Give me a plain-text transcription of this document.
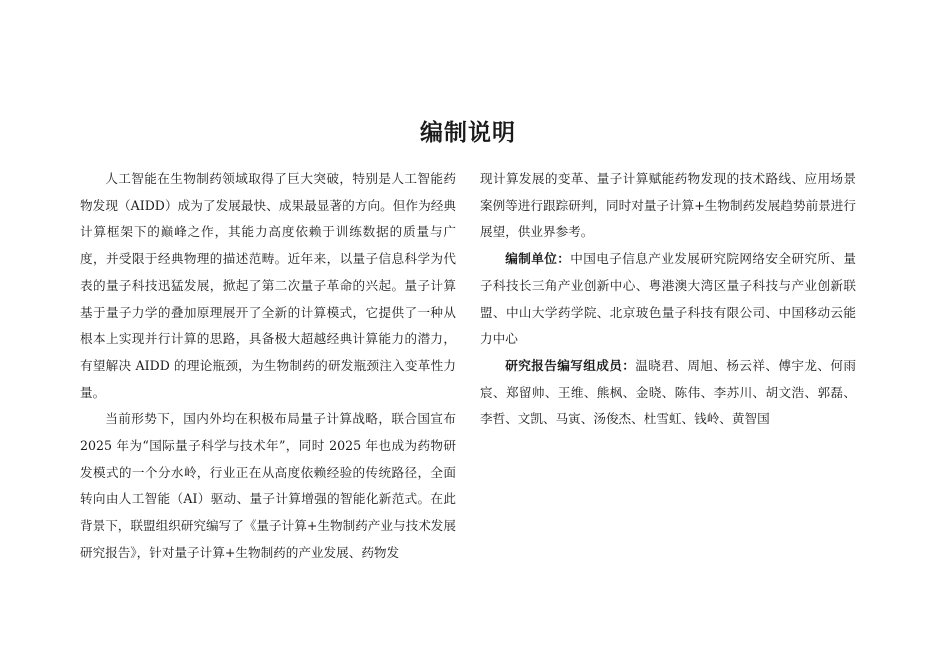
编制说明

人工智能在生物制药领域取得了巨大突破，特别是人工智能药物发现（AIDD）成为了发展最快、成果最显著的方向。但作为经典计算框架下的巅峰之作，其能力高度依赖于训练数据的质量与广度，并受限于经典物理的描述范畴。近年来，以量子信息科学为代表的量子科技迅猛发展，掀起了第二次量子革命的兴起。量子计算基于量子力学的叠加原理展开了全新的计算模式，它提供了一种从根本上实现并行计算的思路，具备极大超越经典计算能力的潜力，有望解决 AIDD 的理论瓶颈，为生物制药的研发瓶颈注入变革性力量。

当前形势下，国内外均在积极布局量子计算战略，联合国宣布2025 年为“国际量子科学与技术年”，同时 2025 年也成为药物研发模式的一个分水岭，行业正在从高度依赖经验的传统路径，全面转向由人工智能（AI）驱动、量子计算增强的智能化新范式。在此背景下，联盟组织研究编写了《量子计算+生物制药产业与技术发展研究报告》，针对量子计算+生物制药的产业发展、药物发

现计算发展的变革、量子计算赋能药物发现的技术路线、应用场景案例等进行跟踪研判，同时对量子计算+生物制药发展趋势前景进行展望，供业界参考。

编制单位：中国电子信息产业发展研究院网络安全研究所、量子科技长三角产业创新中心、粤港澳大湾区量子科技与产业创新联盟、中山大学药学院、北京玻色量子科技有限公司、中国移动云能力中心

研究报告编写组成员：温晓君、周旭、杨云祥、傅宇龙、何雨宸、郑留帅、王维、熊枫、金晓、陈伟、李苏川、胡文浩、郭磊、李哲、文凯、马寅、汤俊杰、杜雪虹、钱岭、黄智国
